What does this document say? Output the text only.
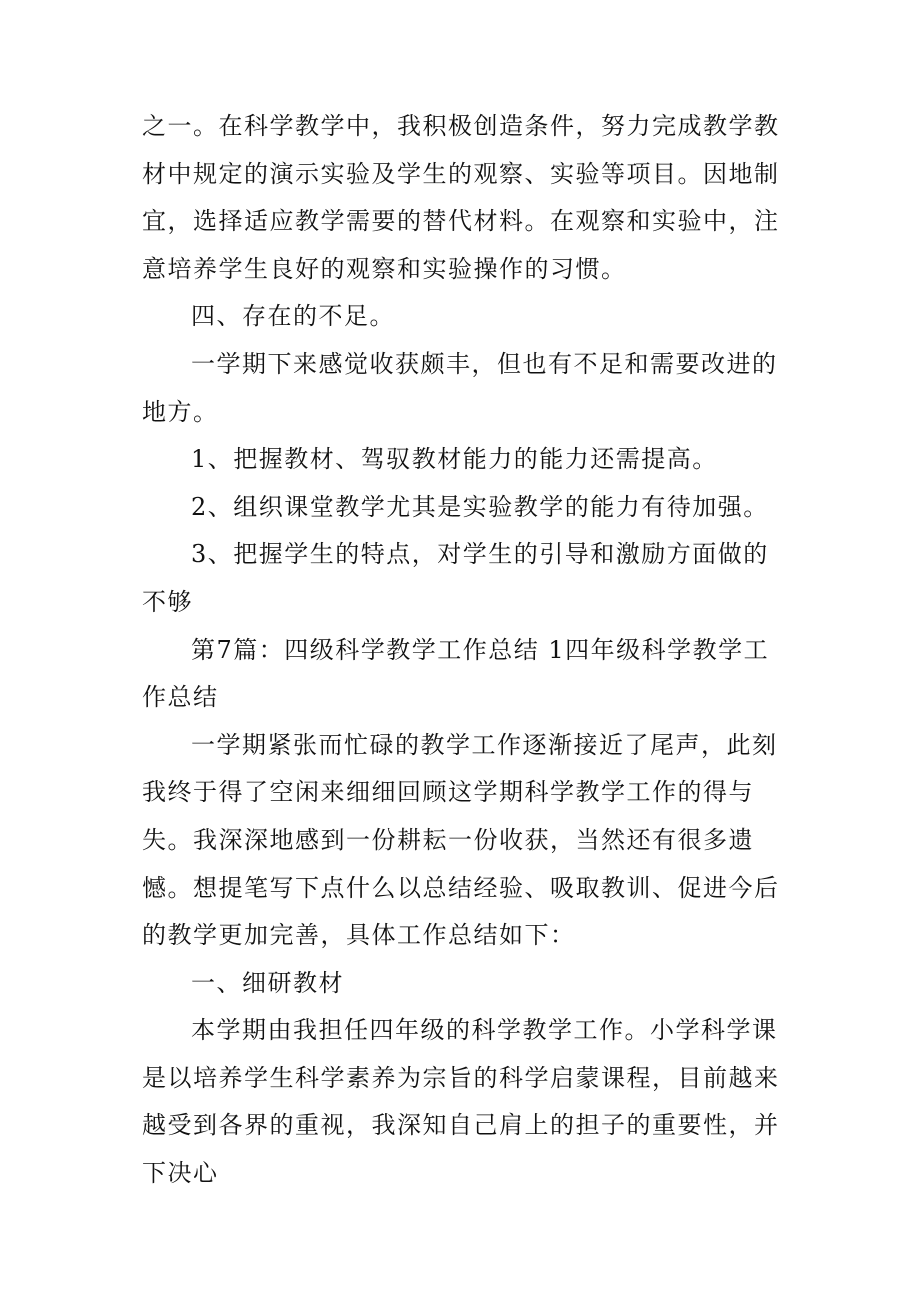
之一。在科学教学中，我积极创造条件，努力完成教学教材中规定的演示实验及学生的观察、实验等项目。因地制宜，选择适应教学需要的替代材料。在观察和实验中，注意培养学生良好的观察和实验操作的习惯。

四、存在的不足。

一学期下来感觉收获颇丰，但也有不足和需要改进的地方。

1、把握教材、驾驭教材能力的能力还需提高。

2、组织课堂教学尤其是实验教学的能力有待加强。

3、把握学生的特点，对学生的引导和激励方面做的不够

第7篇：四级科学教学工作总结 1四年级科学教学工作总结

一学期紧张而忙碌的教学工作逐渐接近了尾声，此刻我终于得了空闲来细细回顾这学期科学教学工作的得与失。我深深地感到一份耕耘一份收获，当然还有很多遗憾。想提笔写下点什么以总结经验、吸取教训、促进今后的教学更加完善，具体工作总结如下：

一、细研教材

本学期由我担任四年级的科学教学工作。小学科学课是以培养学生科学素养为宗旨的科学启蒙课程，目前越来越受到各界的重视，我深知自己肩上的担子的重要性，并下决心
